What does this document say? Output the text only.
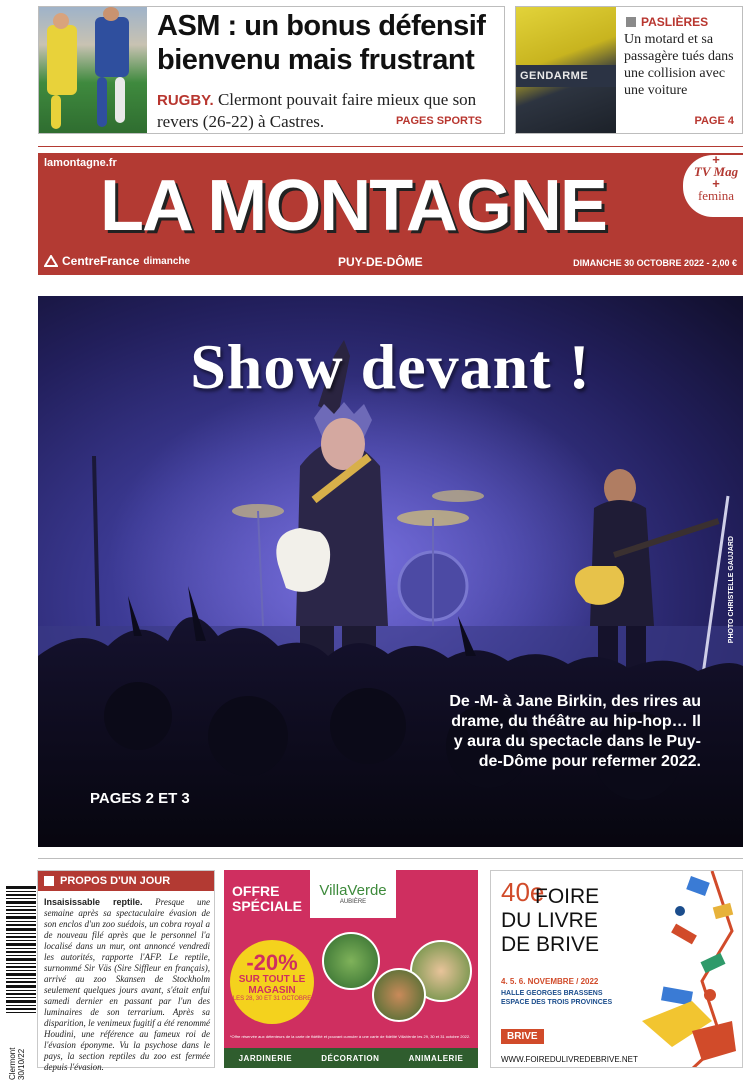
ASM : un bonus défensif bienvenu mais frustrant
RUGBY. Clermont pouvait faire mieux que son revers (26-22) à Castres.	PAGES SPORTS
GENDARME
PASLIÈRES
Un motard et sa passagère tués dans une collision avec une voiture
PAGE 4
lamontagne.fr
LA MONTAGNE
CentreFrance dimanche	PUY-DE-DÔME	DIMANCHE 30 OCTOBRE 2022 - 2,00 €
+
TV Mag
+
femina
Show devant !
PHOTO CHRISTELLE GAUJARD
De -M- à Jane Birkin, des rires au drame, du théâtre au hip-hop… Il y aura du spectacle dans le Puy-de-Dôme pour refermer 2022.
PAGES 2 ET 3
Clermont 30/10/22
PROPOS D'UN JOUR
Insaisissable reptile. Presque une semaine après sa spectaculaire évasion de son enclos d'un zoo suédois, un cobra royal a de nouveau filé après que le personnel l'a localisé dans un mur, ont annoncé vendredi les autorités, rapporte l'AFP. Le reptile, surnommé Sir Väs (Sire Siffleur en français), arrivé au zoo Skansen de Stockholm seulement quelques jours avant, s'était enfui samedi dernier en passant par l'un des luminaires de son terrarium. Après sa disparition, le venimeux fugitif a été renommé Houdini, une référence au fameux roi de l'évasion éponyme. Vu la psychose dans le pays, la section reptiles du zoo est fermée depuis l'évasion.
OFFRE SPÉCIALE
VillaVerde
AUBIÈRE
-20%
SUR TOUT LE MAGASIN
LES 28, 30 ET 31 OCTOBRE
*Offre réservée aux détenteurs de la carte de fidélité et pouvant cumuler à une carte de fidélité VillaVerde les 29, 30 et 31 octobre 2022.
JARDINERIE	DÉCORATION	ANIMALERIE
40e
FOIRE
DU LIVRE
DE BRIVE
4. 5. 6. NOVEMBRE / 2022
HALLE GEORGES BRASSENS ESPACE DES TROIS PROVINCES
BRIVE
WWW.FOIREDULIVREDEBRIVE.NET
